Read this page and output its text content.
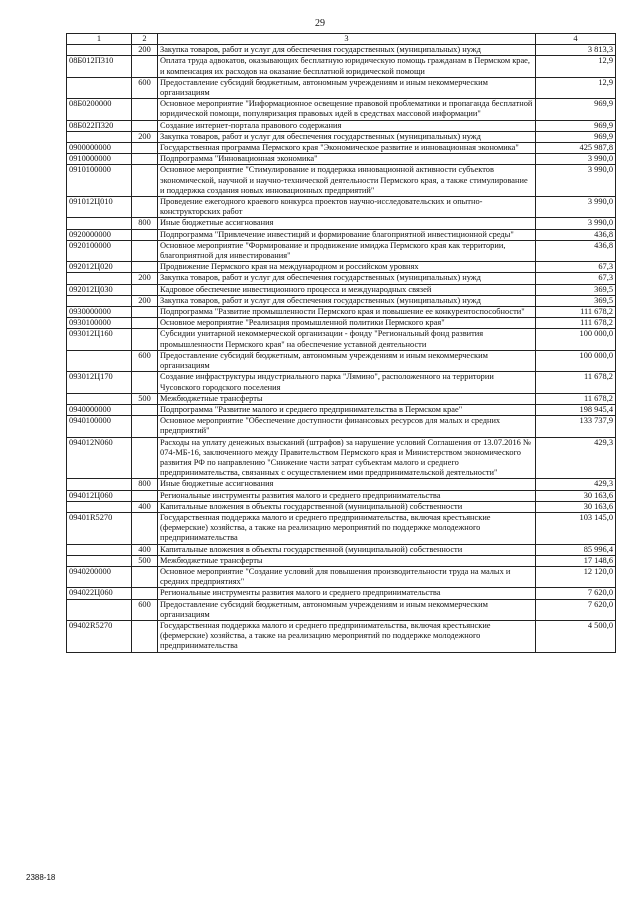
29
1	2	3	4
	200	Закупка товаров, работ и услуг для обеспечения государственных (муниципальных) нужд	3 813,3
08Б012П310		Оплата труда адвокатов, оказывающих бесплатную юридическую помощь гражданам в Пермском крае, и компенсация их расходов на оказание бесплатной юридической помощи	12,9
	600	Предоставление субсидий бюджетным, автономным учреждениям и иным некоммерческим организациям	12,9
08Б0200000		Основное мероприятие "Информационное освещение правовой проблематики и пропаганда бесплатной юридической помощи, популяризация правовых идей в средствах массовой информации"	969,9
08Б022П320		Создание интернет-портала правового содержания	969,9
	200	Закупка товаров, работ и услуг для обеспечения государственных (муниципальных) нужд	969,9
0900000000		Государственная программа Пермского края "Экономическое развитие и инновационная экономика"	425 987,8
0910000000		Подпрограмма "Инновационная экономика"	3 990,0
0910100000		Основное мероприятие "Стимулирование и поддержка инновационной активности субъектов экономической, научной и научно-технической деятельности Пермского края, а также стимулирование и поддержка создания новых инновационных предприятий"	3 990,0
091012Ц010		Проведение ежегодного краевого конкурса проектов научно-исследовательских и опытно-конструкторских работ	3 990,0
	800	Иные бюджетные ассигнования	3 990,0
0920000000		Подпрограмма "Привлечение инвестиций и формирование благоприятной инвестиционной среды"	436,8
0920100000		Основное мероприятие "Формирование и продвижение имиджа Пермского края как территории, благоприятной для инвестирования"	436,8
092012Ц020		Продвижение Пермского края на международном и российском уровнях	67,3
	200	Закупка товаров, работ и услуг для обеспечения государственных (муниципальных) нужд	67,3
092012Ц030		Кадровое обеспечение инвестиционного процесса и международных связей	369,5
	200	Закупка товаров, работ и услуг для обеспечения государственных (муниципальных) нужд	369,5
0930000000		Подпрограмма "Развитие промышленности Пермского края и повышение ее конкурентоспособности"	111 678,2
0930100000		Основное мероприятие "Реализация промышленной политики Пермского края"	111 678,2
093012Ц160		Субсидии унитарной некоммерческой организации - фонду "Региональный фонд развития промышленности Пермского края" на обеспечение уставной деятельности	100 000,0
	600	Предоставление субсидий бюджетным, автономным учреждениям и иным некоммерческим организациям	100 000,0
093012Ц170		Создание инфраструктуры индустриального парка "Лямино", расположенного на территории Чусовского городского поселения	11 678,2
	500	Межбюджетные трансферты	11 678,2
0940000000		Подпрограмма "Развитие малого и среднего предпринимательства в Пермском крае"	198 945,4
0940100000		Основное мероприятие "Обеспечение доступности финансовых ресурсов для малых и средних предприятий"	133 737,9
094012N060		Расходы на уплату денежных взысканий (штрафов) за нарушение условий Соглашения от 13.07.2016 № 074-МБ-16, заключенного между Правительством Пермского края и Министерством экономического развития РФ по направлению "Снижение части затрат субъектам малого и среднего предпринимательства, связанных с осуществлением ими предпринимательской деятельности"	429,3
	800	Иные бюджетные ассигнования	429,3
094012Ц060		Региональные инструменты развития малого и среднего предпринимательства	30 163,6
	400	Капитальные вложения в объекты государственной (муниципальной) собственности	30 163,6
09401R5270		Государственная поддержка малого и среднего предпринимательства, включая крестьянские (фермерские) хозяйства, а также на реализацию мероприятий по поддержке молодежного предпринимательства	103 145,0
	400	Капитальные вложения в объекты государственной (муниципальной) собственности	85 996,4
	500	Межбюджетные трансферты	17 148,6
0940200000		Основное мероприятие "Создание условий для повышения производительности труда на малых и средних предприятиях"	12 120,0
094022Ц060		Региональные инструменты развития малого и среднего предпринимательства	7 620,0
	600	Предоставление субсидий бюджетным, автономным учреждениям и иным некоммерческим организациям	7 620,0
09402R5270		Государственная поддержка малого и среднего предпринимательства, включая крестьянские (фермерские) хозяйства, а также на реализацию мероприятий по поддержке молодежного предпринимательства	4 500,0
2388-18
